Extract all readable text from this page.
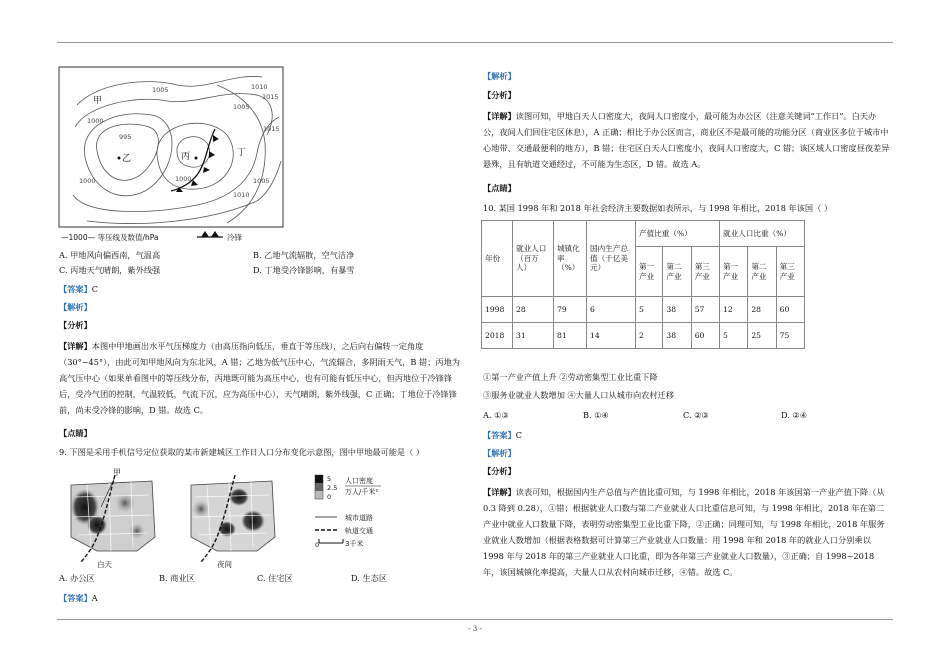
1005
1000
995
1000
1005
1010
1015
1015
1010
1005
1000
甲
乙	丙	丁
—1000— 等压线及数值/hPa	冷锋
A. 甲地风向偏西南，气温高	B. 乙地气流辐散，空气洁净
C. 丙地天气晴朗，紫外线强	D. 丁地受冷锋影响，有暴雪
【答案】C
【解析】
【分析】
【详解】本图中甲地画出水平气压梯度力（由高压指向低压，垂直于等压线），之后向右偏转一定角度（30°~45°），由此可知甲地风向为东北风，A 错；乙地为低气压中心，气流辐合，多阴雨天气，B 错；丙地为高气压中心（如果单看图中的等压线分布，丙地既可能为高压中心，也有可能有低压中心，但丙地位于冷锋锋后，受冷气团的控制，气温较低，气流下沉，应为高压中心），天气晴朗，紫外线强，C 正确；丁地位于冷锋锋前，尚未受冷锋的影响，D 错。故选 C。
【点睛】
9. 下图是采用手机信号定位获取的某市新建城区工作日人口分布变化示意图，图中甲地最可能是（ ）
甲
白天	夜间
5
2.5
0
人口密度
万人/千米²
城市道路
轨道交通
0	3千米
A. 办公区	B. 商业区	C. 住宅区	D. 生态区
【答案】A
【解析】
【分析】
【详解】读图可知，甲地白天人口密度大，夜间人口密度小，最可能为办公区（注意关键词“工作日”。白天办公，夜间人们回住宅区休息），A 正确；相比于办公区而言，商业区不是最可能的功能分区（商业区多位于城市中心地带、交通最便利的地方），B 错；住宅区白天人口密度小，夜间人口密度大，C 错；该区域人口密度昼夜差异悬殊，且有轨道交通经过，不可能为生态区，D 错。故选 A。
【点睛】
10. 某国 1998 年和 2018 年社会经济主要数据如表所示，与 1998 年相比，2018 年该国（ ）
年份	就业人口（百万人）	城镇化率（%）	国内生产总值（千亿美元）	产值比重（%）			就业人口比重（%）		
				第一产业	第二产业	第三产业	第一产业	第二产业	第三产业
1998	28	79	6	5	38	57	12	28	60
2018	31	81	14	2	38	60	5	25	75
①第一产业产值上升 ②劳动密集型工业比重下降
③服务业就业人数增加 ④大量人口从城市向农村迁移
A. ①③	B. ①④	C. ②③	D. ②④
【答案】C
【解析】
【分析】
【详解】读表可知，根据国内生产总值与产值比重可知，与 1998 年相比，2018 年该国第一产业产值下降（从 0.3 降到 0.28），①错；根据就业人口数与第二产业就业人口比重信息可知，与 1998 年相比，2018 年在第二产业中就业人口数量下降，表明劳动密集型工业比重下降，②正确；同理可知，与 1998 年相比，2018 年服务业就业人数增加（根据表格数据可计算第三产业就业人口数量：用 1998 年和 2018 年的就业人口分别乘以 1998 年与 2018 年的第三产业就业人口比重，即为各年第三产业就业人口数量），③正确；自 1998~2018 年，该国城镇化率提高，大量人口从农村向城市迁移，④错。故选 C。
- 3 -
